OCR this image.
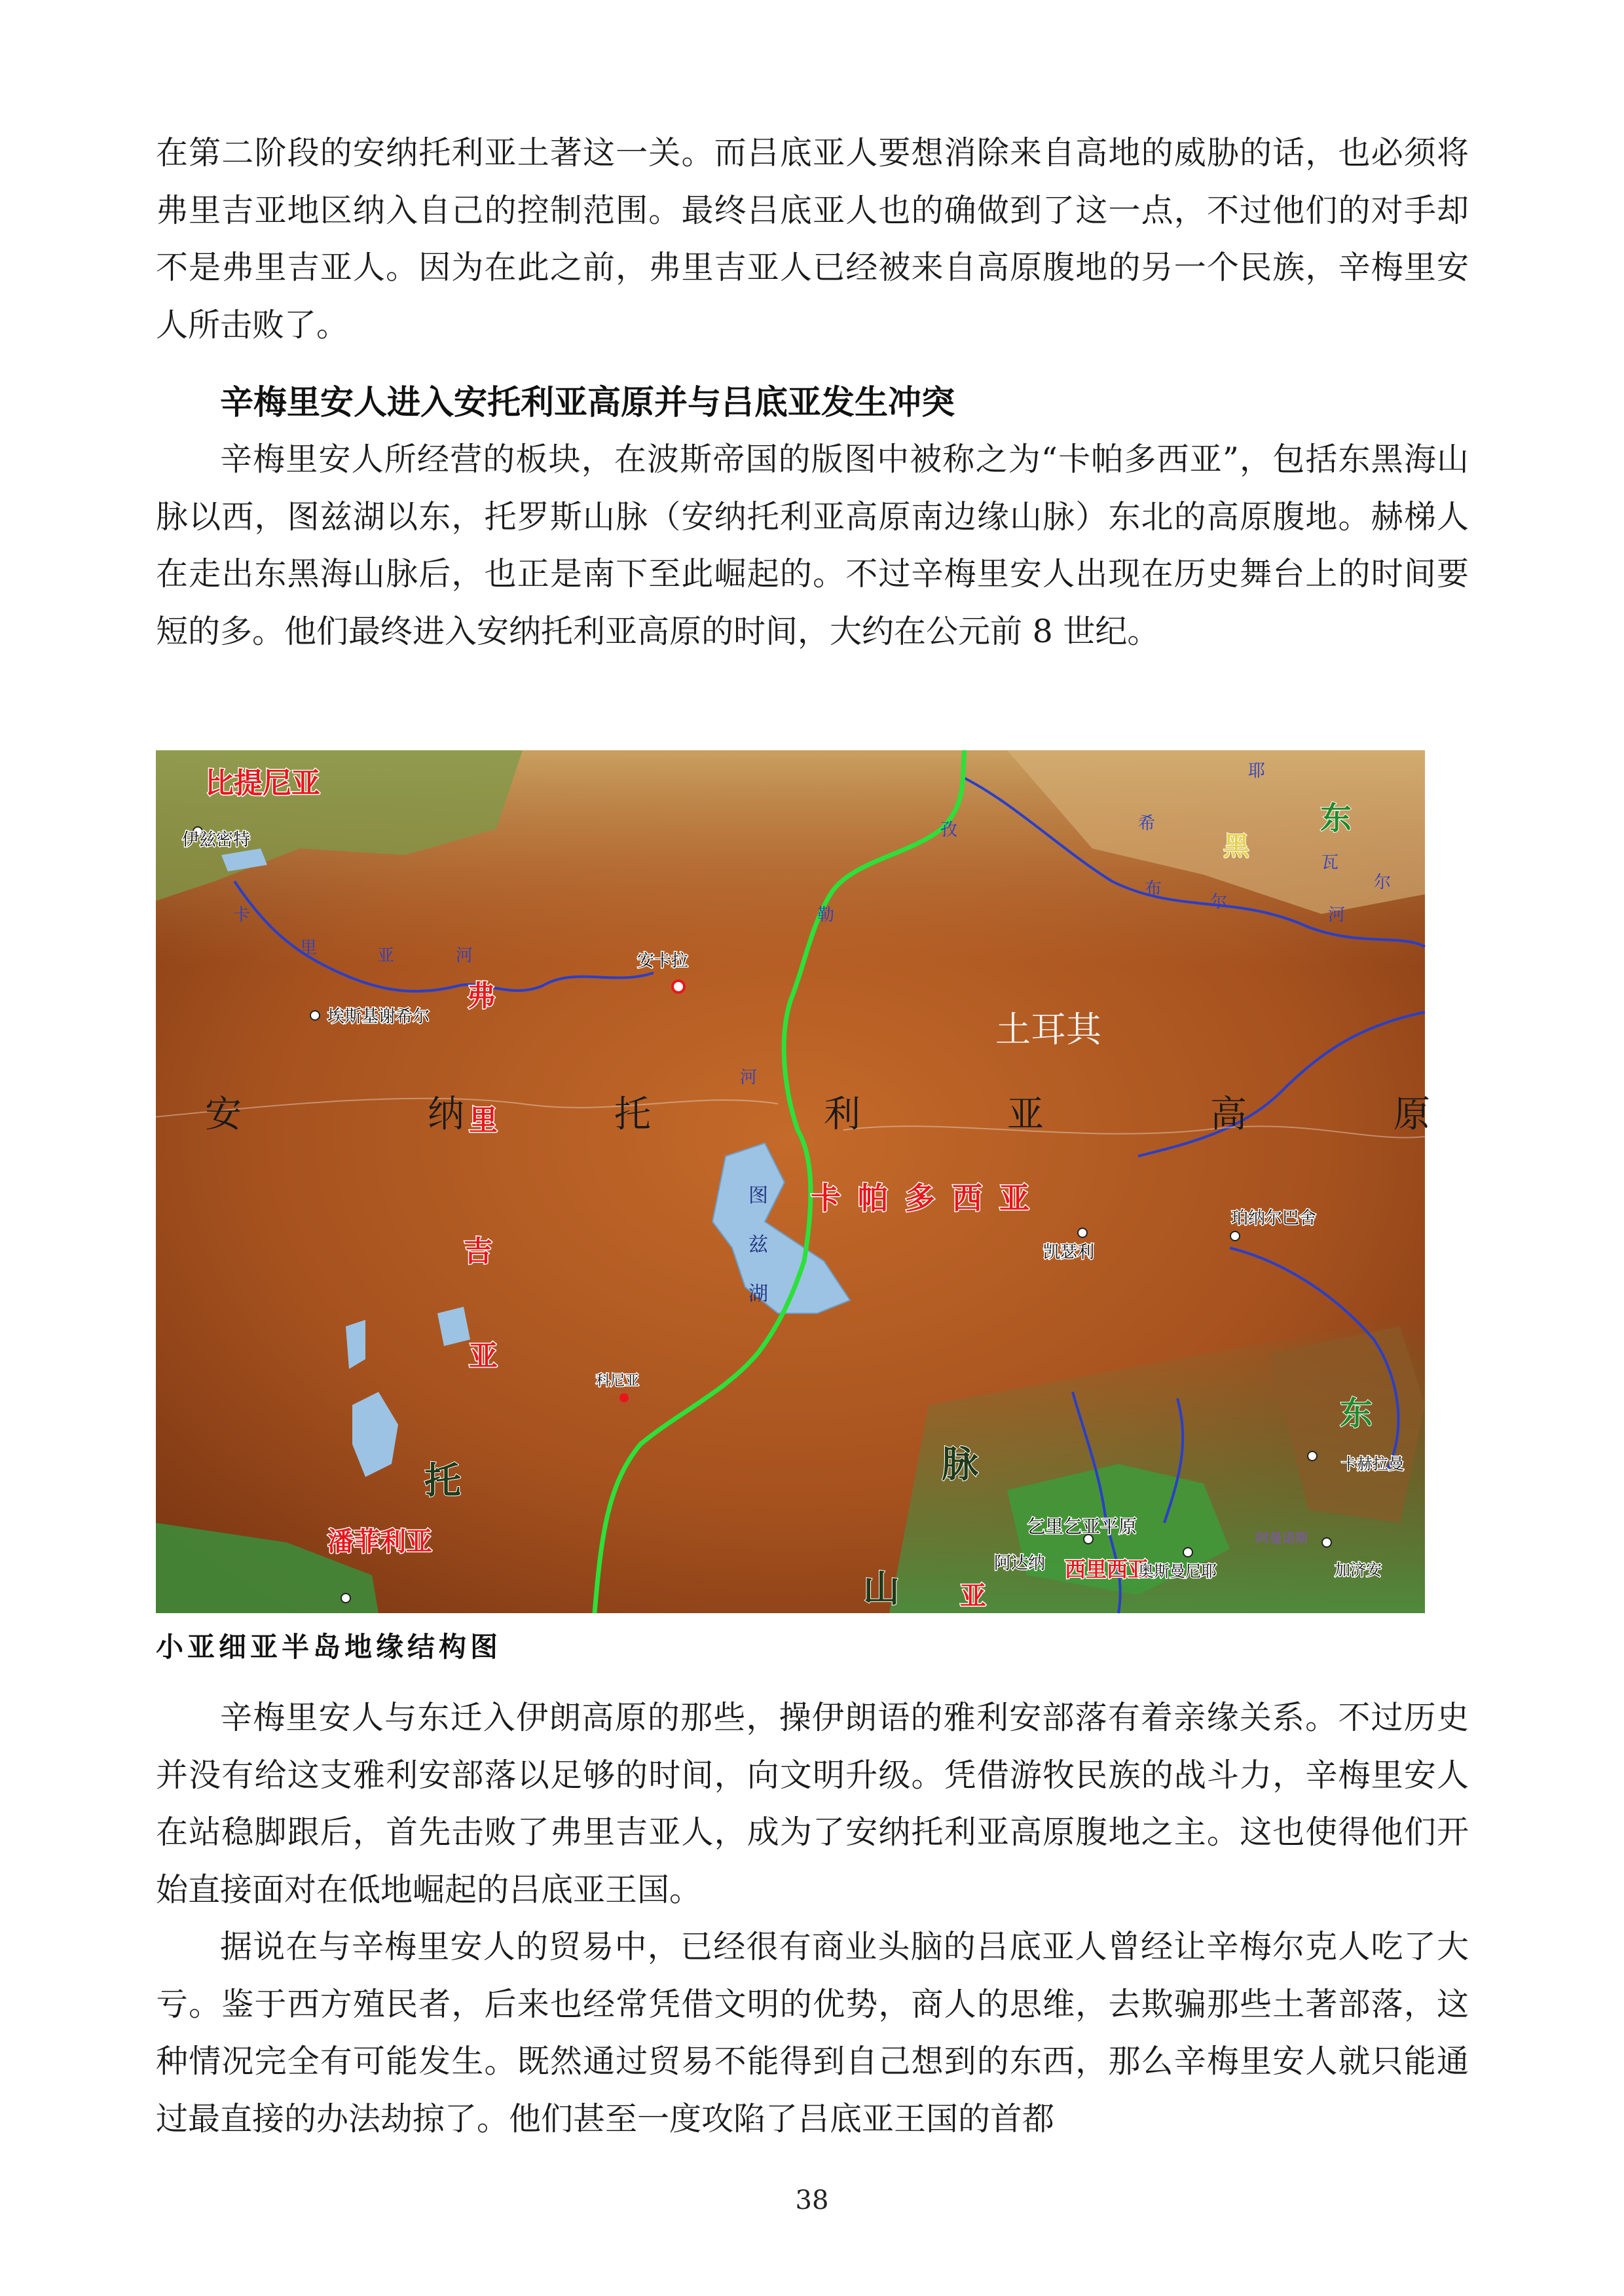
在第二阶段的安纳托利亚土著这一关。而吕底亚人要想消除来自高地的威胁的话，也必须将弗里吉亚地区纳入自己的控制范围。最终吕底亚人也的确做到了这一点，不过他们的对手却不是弗里吉亚人。因为在此之前，弗里吉亚人已经被来自高原腹地的另一个民族，辛梅里安人所击败了。

辛梅里安人进入安托利亚高原并与吕底亚发生冲突

辛梅里安人所经营的板块，在波斯帝国的版图中被称之为“卡帕多西亚”，包括东黑海山脉以西，图兹湖以东，托罗斯山脉（安纳托利亚高原南边缘山脉）东北的高原腹地。赫梯人在走出东黑海山脉后，也正是南下至此崛起的。不过辛梅里安人出现在历史舞台上的时间要短的多。他们最终进入安纳托利亚高原的时间，大约在公元前 8 世纪。

比提尼亚
卡帕多西亚
潘菲利亚
西里西亚
弗
里
吉
亚
亚
安	纳	托	利	亚	高	原
土耳其
图
兹
湖
孜
勒
河
卡
里	亚	河
耶
希
尔
河
布	尔
瓦
东
黑
东
托
山
脉
伊兹密特
埃斯基谢希尔
安卡拉
凯瑟利
珀纳尔巴舍
科尼亚
卡赫拉曼
奥斯曼尼耶
阿达纳	加济安
乞里乞亚平原
阿曼诺斯

小亚细亚半岛地缘结构图

辛梅里安人与东迁入伊朗高原的那些，操伊朗语的雅利安部落有着亲缘关系。不过历史并没有给这支雅利安部落以足够的时间，向文明升级。凭借游牧民族的战斗力，辛梅里安人在站稳脚跟后，首先击败了弗里吉亚人，成为了安纳托利亚高原腹地之主。这也使得他们开始直接面对在低地崛起的吕底亚王国。

据说在与辛梅里安人的贸易中，已经很有商业头脑的吕底亚人曾经让辛梅尔克人吃了大亏。鉴于西方殖民者，后来也经常凭借文明的优势，商人的思维，去欺骗那些土著部落，这种情况完全有可能发生。既然通过贸易不能得到自己想到的东西，那么辛梅里安人就只能通过最直接的办法劫掠了。他们甚至一度攻陷了吕底亚王国的首都

38
